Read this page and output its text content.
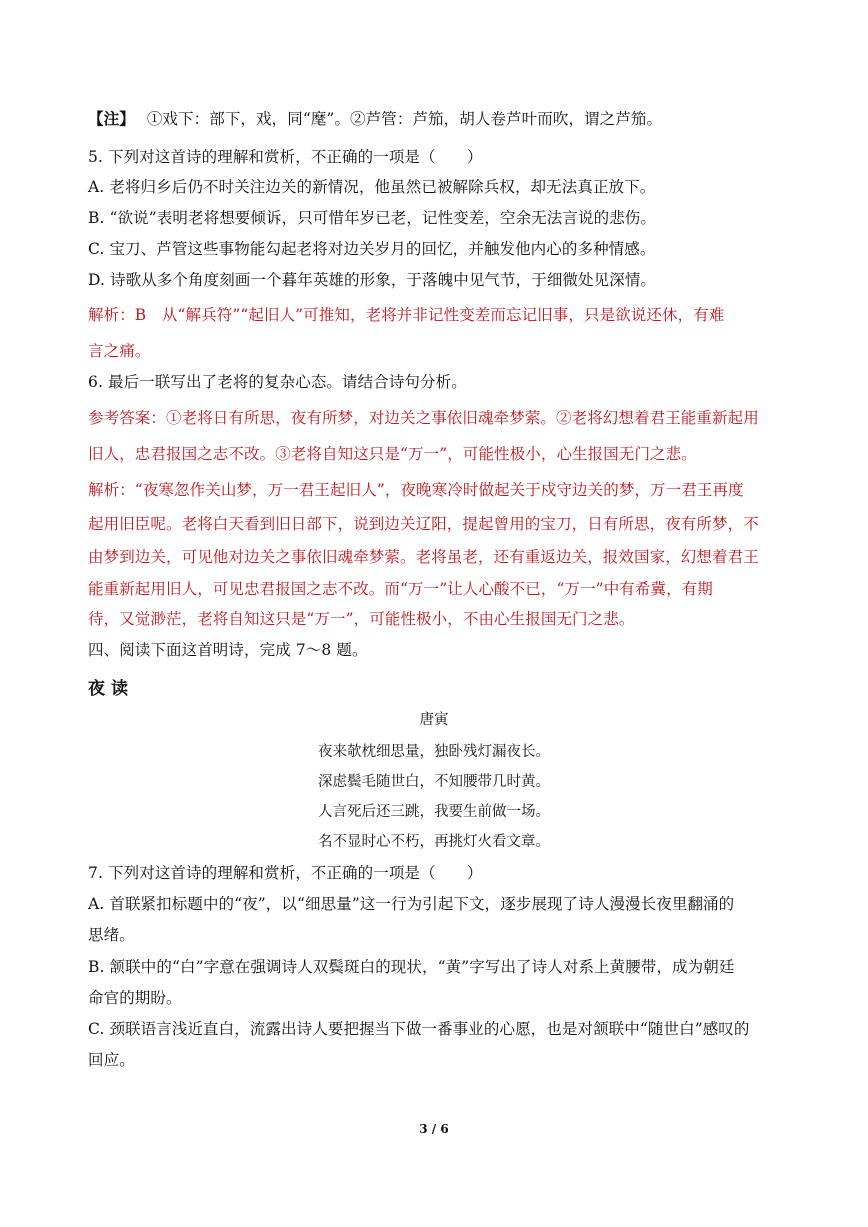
【注】 ①戏下：部下，戏，同“麾”。②芦管：芦笳，胡人卷芦叶而吹，谓之芦笳。
5. 下列对这首诗的理解和赏析，不正确的一项是（　　）
A. 老将归乡后仍不时关注边关的新情况，他虽然已被解除兵权，却无法真正放下。
B. “欲说”表明老将想要倾诉，只可惜年岁已老，记性变差，空余无法言说的悲伤。
C. 宝刀、芦管这些事物能勾起老将对边关岁月的回忆，并触发他内心的多种情感。
D. 诗歌从多个角度刻画一个暮年英雄的形象，于落魄中见气节，于细微处见深情。
解析：B　从“解兵符”“起旧人”可推知，老将并非记性变差而忘记旧事，只是欲说还休，有难
言之痛。
6. 最后一联写出了老将的复杂心态。请结合诗句分析。
参考答案：①老将日有所思，夜有所梦，对边关之事依旧魂牵梦萦。②老将幻想着君王能重新起用
旧人，忠君报国之志不改。③老将自知这只是“万一”，可能性极小，心生报国无门之悲。
解析：“夜寒忽作关山梦，万一君王起旧人”，夜晚寒冷时做起关于戍守边关的梦，万一君王再度
起用旧臣呢。老将白天看到旧日部下，说到边关辽阳，提起曾用的宝刀，日有所思，夜有所梦，不
由梦到边关，可见他对边关之事依旧魂牵梦萦。老将虽老，还有重返边关，报效国家，幻想着君王
能重新起用旧人，可见忠君报国之志不改。而“万一”让人心酸不已，“万一”中有希冀，有期
待，又觉渺茫，老将自知这只是“万一”，可能性极小，不由心生报国无门之悲。
四、阅读下面这首明诗，完成 7～8 题。
夜读
唐寅
夜来欹枕细思量，独卧残灯漏夜长。
深虑鬓毛随世白，不知腰带几时黄。
人言死后还三跳，我要生前做一场。
名不显时心不朽，再挑灯火看文章。
7. 下列对这首诗的理解和赏析，不正确的一项是（　　）
A. 首联紧扣标题中的“夜”，以“细思量”这一行为引起下文，逐步展现了诗人漫漫长夜里翻涌的
思绪。
B. 颔联中的“白”字意在强调诗人双鬓斑白的现状，“黄”字写出了诗人对系上黄腰带，成为朝廷
命官的期盼。
C. 颈联语言浅近直白，流露出诗人要把握当下做一番事业的心愿，也是对颔联中“随世白”感叹的
回应。
3 / 6
